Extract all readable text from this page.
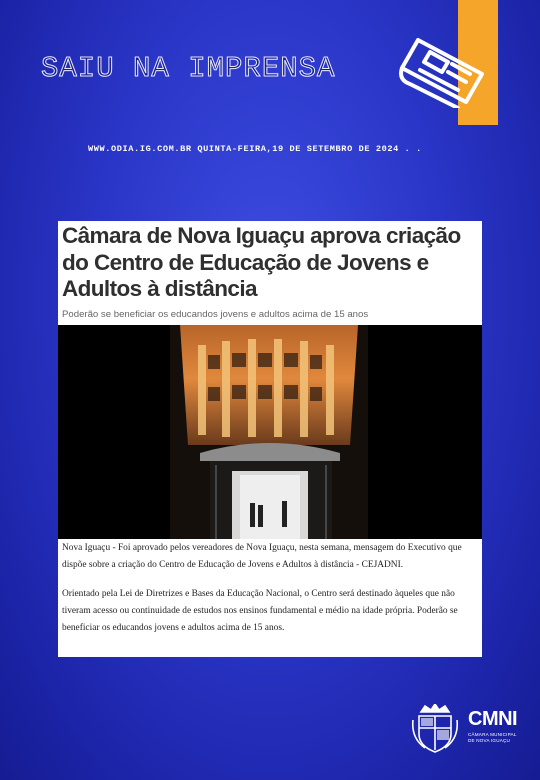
SAIU NA IMPRENSA
WWW.ODIA.IG.COM.BR QUINTA-FEIRA,19 DE SETEMBRO DE 2024 . .
Câmara de Nova Iguaçu aprova criação do Centro de Educação de Jovens e Adultos à distância
Poderão se beneficiar os educandos jovens e adultos acima de 15 anos

Nova Iguaçu - Foi aprovado pelos vereadores de Nova Iguaçu, nesta semana, mensagem do Executivo que dispõe sobre a criação do Centro de Educação de Jovens e Adultos à distância - CEJADNI.

Orientado pela Lei de Diretrizes e Bases da Educação Nacional, o Centro será destinado àqueles que não tiveram acesso ou continuidade de estudos nos ensinos fundamental e médio na idade própria. Poderão se beneficiar os educandos jovens e adultos acima de 15 anos.

CMNI
CÂMARA MUNICIPAL
DE NOVA IGUAÇU
